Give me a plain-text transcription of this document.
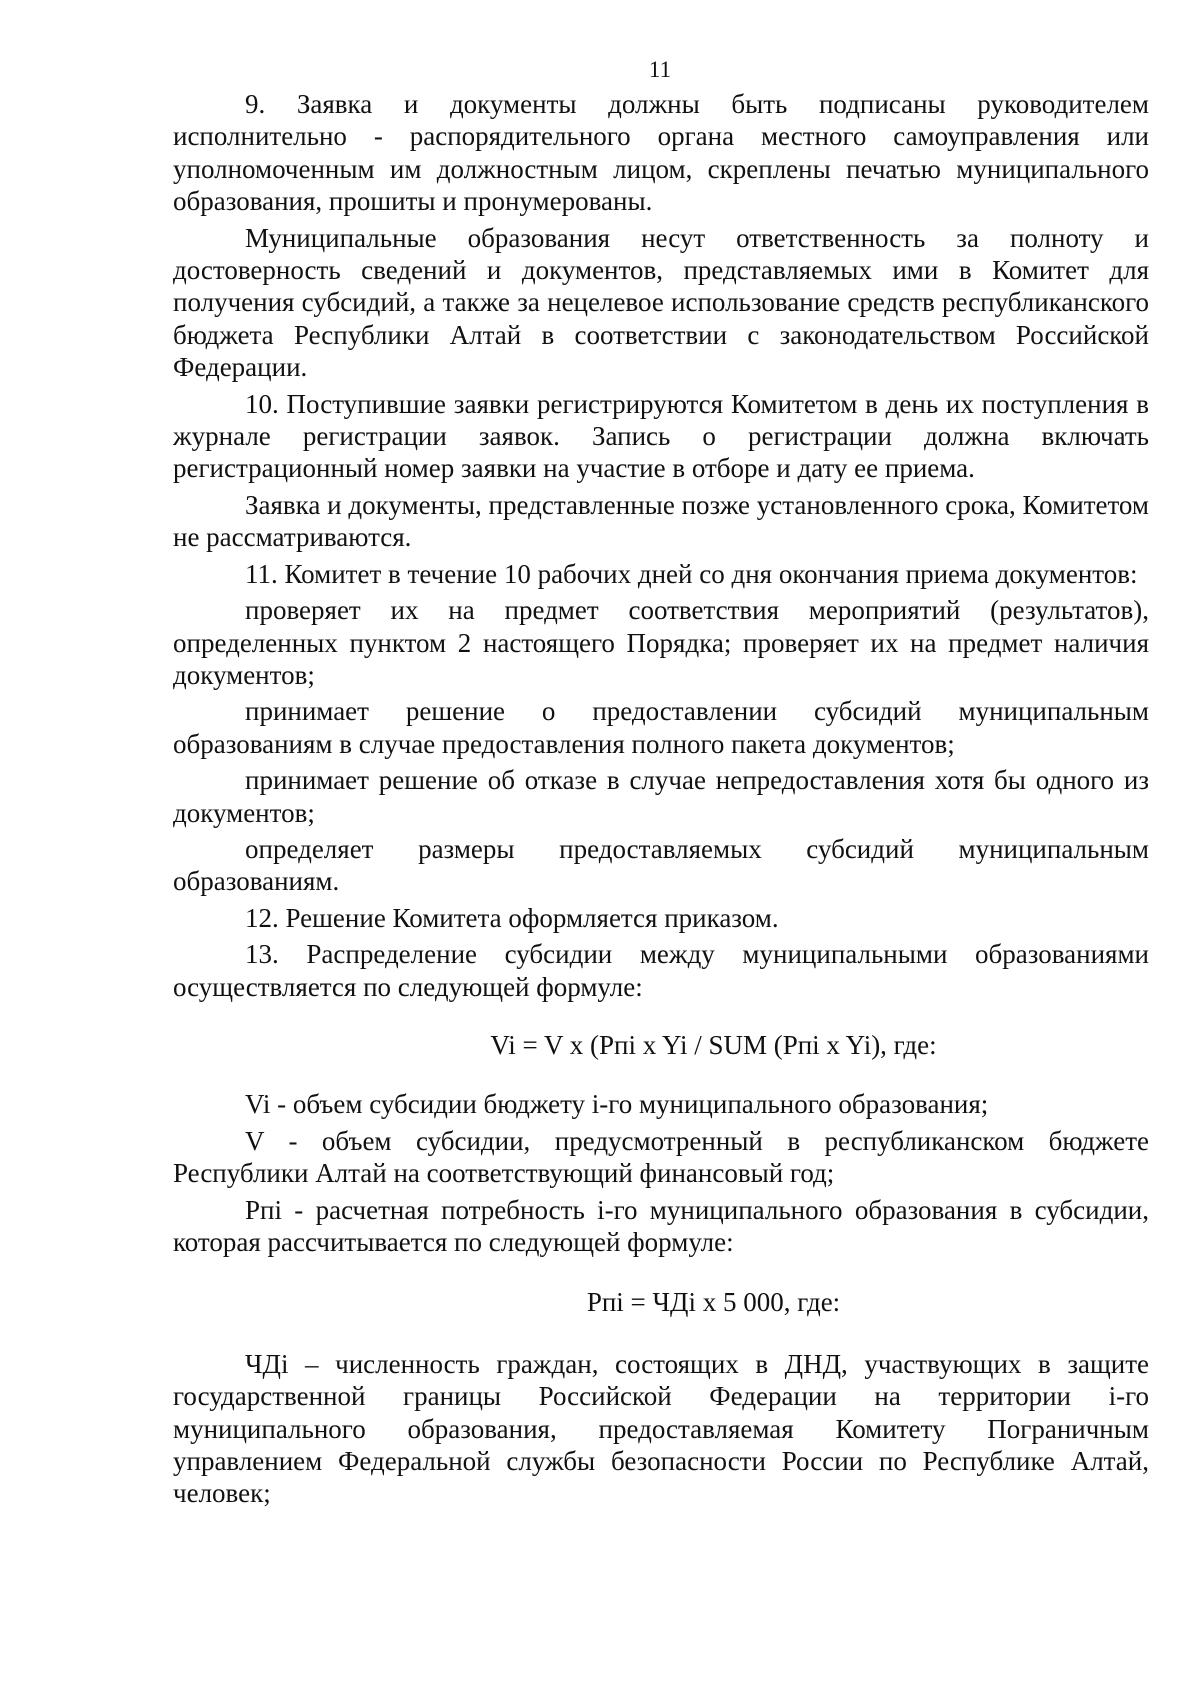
11

9. Заявка и документы должны быть подписаны руководителем исполнительно - распорядительного органа местного самоуправления или уполномоченным им должностным лицом, скреплены печатью муниципального образования, прошиты и пронумерованы.

Муниципальные образования несут ответственность за полноту и достоверность сведений и документов, представляемых ими в Комитет для получения субсидий, а также за нецелевое использование средств республиканского бюджета Республики Алтай в соответствии с законодательством Российской Федерации.

10. Поступившие заявки регистрируются Комитетом в день их поступления в журнале регистрации заявок. Запись о регистрации должна включать регистрационный номер заявки на участие в отборе и дату ее приема.

Заявка и документы, представленные позже установленного срока, Комитетом не рассматриваются.

11. Комитет в течение 10 рабочих дней со дня окончания приема документов:

проверяет их на предмет соответствия мероприятий (результатов), определенных пунктом 2 настоящего Порядка; проверяет их на предмет наличия документов;

принимает решение о предоставлении субсидий муниципальным образованиям в случае предоставления полного пакета документов;

принимает решение об отказе в случае непредоставления хотя бы одного из документов;

определяет размеры предоставляемых субсидий муниципальным образованиям.

12. Решение Комитета оформляется приказом.

13. Распределение субсидии между муниципальными образованиями осуществляется по следующей формуле:

Vi = V x (Pпi x Yi / SUM (Pпi x Yi), где:

Vi - объем субсидии бюджету i-го муниципального образования;

V - объем субсидии, предусмотренный в республиканском бюджете Республики Алтай на соответствующий финансовый год;

Pпi - расчетная потребность i-го муниципального образования в субсидии, которая рассчитывается по следующей формуле:

Pпi = ЧДi x 5 000, где:

ЧДi – численность граждан, состоящих в ДНД, участвующих в защите государственной границы Российской Федерации на территории i-го муниципального образования, предоставляемая Комитету Пограничным управлением Федеральной службы безопасности России по Республике Алтай, человек;
